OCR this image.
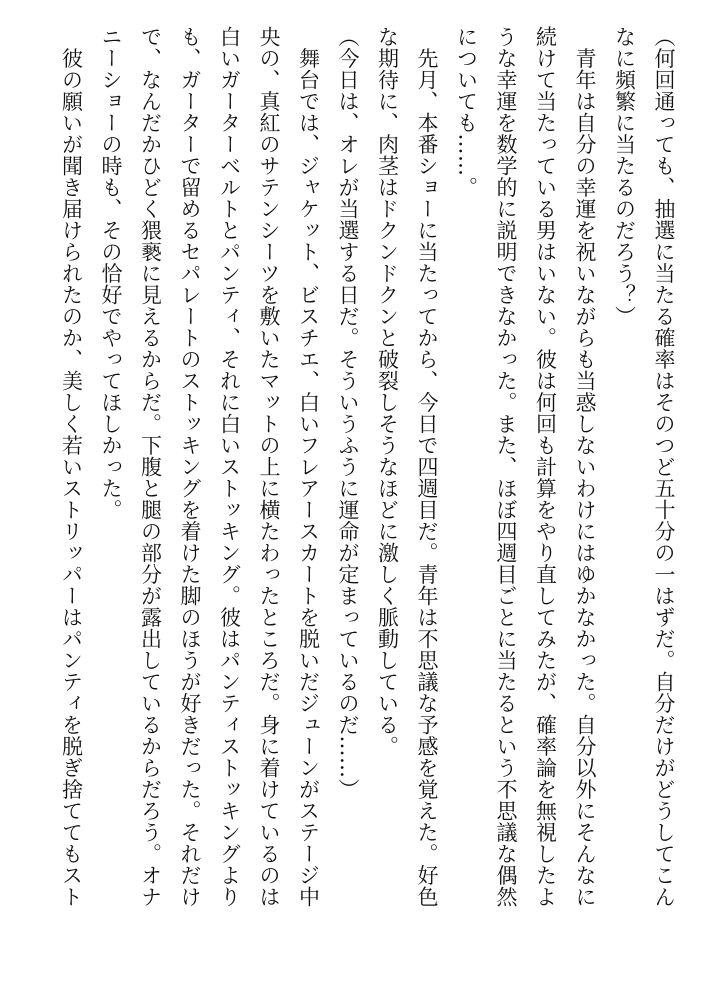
（何回通っても、抽選に当たる確率はそのつど五十分の一はずだ。自分だけがどうしてこん
なに頻繁に当たるのだろう？）
　青年は自分の幸運を祝いながらも当惑しないわけにはゆかなかった。自分以外にそんなに
続けて当たっている男はいない。彼は何回も計算をやり直してみたが、確率論を無視したよ
うな幸運を数学的に説明できなかった。また、ほぼ四週目ごとに当たるという不思議な偶然
についても……。
　先月、本番ショーに当たってから、今日で四週目だ。青年は不思議な予感を覚えた。好色
な期待に、肉茎はドクンドクンと破裂しそうなほどに激しく脈動している。
（今日は、オレが当選する日だ。そういうふうに運命が定まっているのだ……）
　舞台では、ジャケット、ビスチエ、白いフレアースカートを脱いだジューンがステージ中
央の、真紅のサテンシーツを敷いたマットの上に横たわったところだ。身に着けているのは
白いガーターベルトとパンティ、それに白いストッキング。彼はパンティストッキングより
も、ガーターで留めるセパレートのストッキングを着けた脚のほうが好きだった。それだけ
で、なんだかひどく猥褻に見えるからだ。下腹と腿の部分が露出しているからだろう。オナ
ニーショーの時も、その恰好でやってほしかった。
　彼の願いが聞き届けられたのか、美しく若いストリッパーはパンティを脱ぎ捨ててもスト
